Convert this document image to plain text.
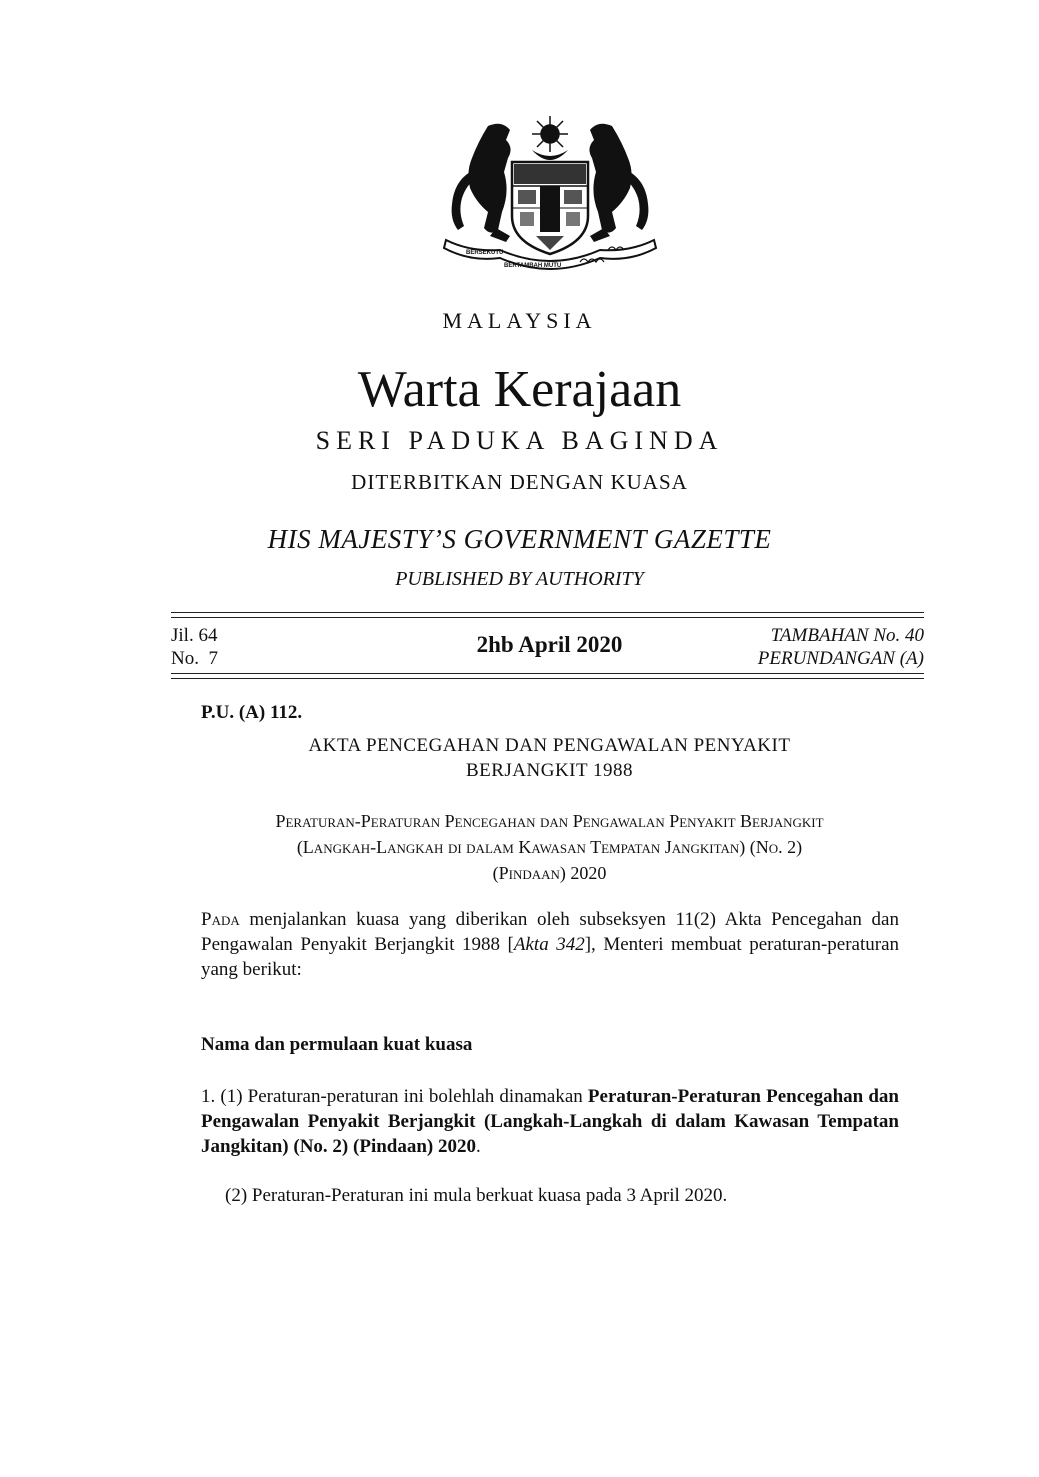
BERSEKUTU
BERTAMBAH MUTU
MALAYSIA
Warta Kerajaan
SERI PADUKA BAGINDA
DITERBITKAN DENGAN KUASA
HIS MAJESTY’S GOVERNMENT GAZETTE
PUBLISHED BY AUTHORITY
Jil. 64
No.  7
2hb April 2020	TAMBAHAN No. 40
PERUNDANGAN (A)
P.U. (A) 112.
AKTA PENCEGAHAN DAN PENGAWALAN PENYAKIT
BERJANGKIT 1988
Peraturan-Peraturan Pencegahan dan Pengawalan Penyakit Berjangkit
(Langkah-Langkah di dalam Kawasan Tempatan Jangkitan) (No. 2)
(Pindaan) 2020
Pada menjalankan kuasa yang diberikan oleh subseksyen 11(2) Akta Pencegahan dan Pengawalan Penyakit Berjangkit 1988 [Akta 342], Menteri membuat peraturan-peraturan yang berikut:
Nama dan permulaan kuat kuasa
1. (1) Peraturan-peraturan ini bolehlah dinamakan Peraturan-Peraturan Pencegahan dan Pengawalan Penyakit Berjangkit (Langkah-Langkah di dalam Kawasan Tempatan Jangkitan) (No. 2) (Pindaan) 2020.
(2) Peraturan-Peraturan ini mula berkuat kuasa pada 3 April 2020.
